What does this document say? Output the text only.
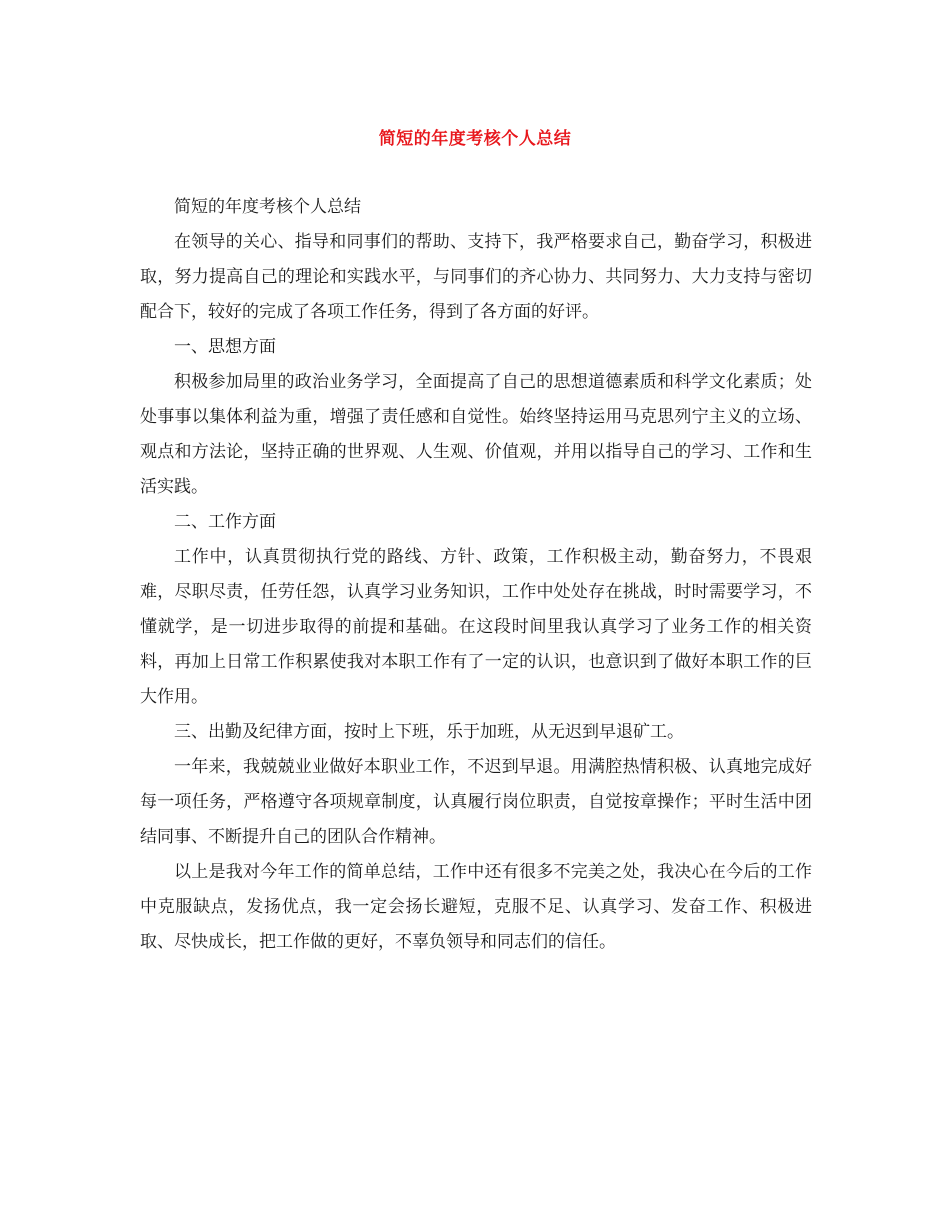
简短的年度考核个人总结

简短的年度考核个人总结

在领导的关心、指导和同事们的帮助、支持下，我严格要求自己，勤奋学习，积极进取，努力提高自己的理论和实践水平，与同事们的齐心协力、共同努力、大力支持与密切配合下，较好的完成了各项工作任务，得到了各方面的好评。

一、思想方面

积极参加局里的政治业务学习，全面提高了自己的思想道德素质和科学文化素质；处处事事以集体利益为重，增强了责任感和自觉性。始终坚持运用马克思列宁主义的立场、观点和方法论，坚持正确的世界观、人生观、价值观，并用以指导自己的学习、工作和生活实践。

二、工作方面

工作中，认真贯彻执行党的路线、方针、政策，工作积极主动，勤奋努力，不畏艰难，尽职尽责，任劳任怨，认真学习业务知识，工作中处处存在挑战，时时需要学习，不懂就学，是一切进步取得的前提和基础。在这段时间里我认真学习了业务工作的相关资料，再加上日常工作积累使我对本职工作有了一定的认识，也意识到了做好本职工作的巨大作用。

三、出勤及纪律方面，按时上下班，乐于加班，从无迟到早退矿工。

一年来，我兢兢业业做好本职业工作，不迟到早退。用满腔热情积极、认真地完成好每一项任务，严格遵守各项规章制度，认真履行岗位职责，自觉按章操作；平时生活中团结同事、不断提升自己的团队合作精神。

以上是我对今年工作的简单总结，工作中还有很多不完美之处，我决心在今后的工作中克服缺点，发扬优点，我一定会扬长避短，克服不足、认真学习、发奋工作、积极进取、尽快成长，把工作做的更好，不辜负领导和同志们的信任。
